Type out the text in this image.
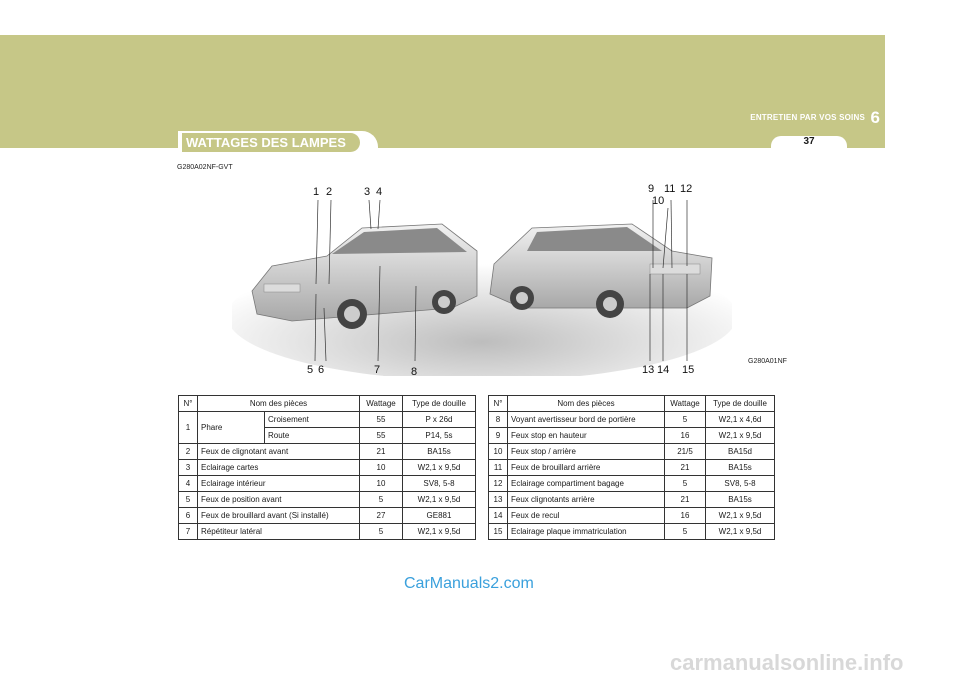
ENTRETIEN PAR VOS SOINS 6
WATTAGES DES LAMPES	37
G280A02NF-GVT
G280A01NF
1 2	3 4
5 6	7	8
9
10
11 12
13 14 15
N°	Nom des pièces		Wattage	Type de douille
1	Phare	Croisement	55	P x 26d
		Route	55	P14, 5s
2	Feux de clignotant avant		21	BA15s
3	Eclairage cartes		10	W2,1 x 9,5d
4	Eclairage intérieur		10	SV8, 5-8
5	Feux de position avant		5	W2,1 x 9,5d
6	Feux de brouillard avant (Si installé)		27	GE881
7	Répétiteur latéral		5	W2,1 x 9,5d
N°	Nom des pièces	Wattage	Type de douille
8	Voyant avertisseur bord de portière	5	W2,1 x 4,6d
9	Feux stop en hauteur	16	W2,1 x 9,5d
10	Feux stop / arrière	21/5	BA15d
11	Feux de brouillard arrière	21	BA15s
12	Eclairage compartiment bagage	5	SV8, 5-8
13	Feux clignotants arrière	21	BA15s
14	Feux de recul	16	W2,1 x 9,5d
15	Eclairage plaque immatriculation	5	W2,1 x 9,5d
CarManuals2.com
carmanualsonline.info
